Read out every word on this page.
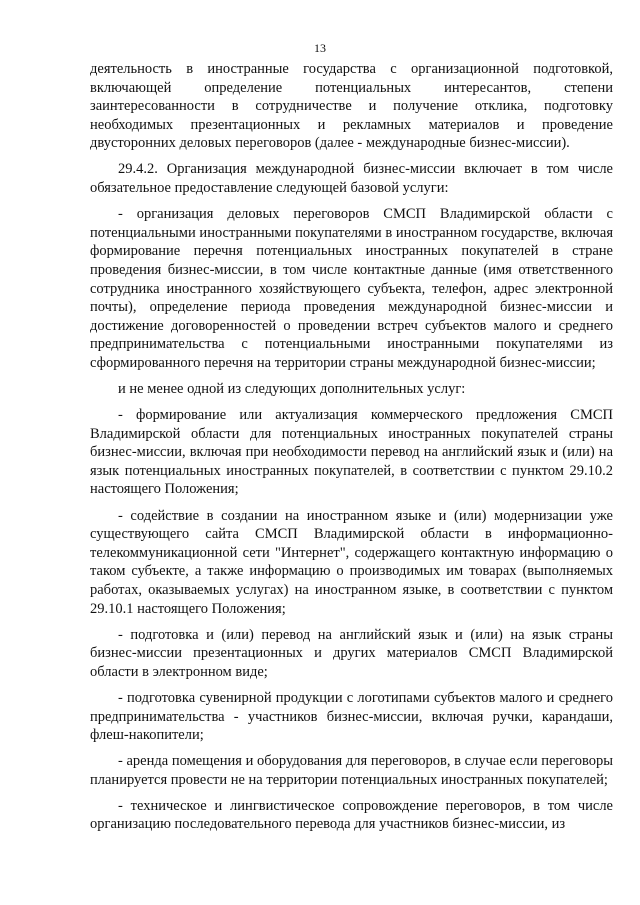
13

деятельность в иностранные государства с организационной подготовкой, включающей определение потенциальных интересантов, степени заинтересованности в сотрудничестве и получение отклика, подготовку необходимых презентационных и рекламных материалов и проведение двусторонних деловых переговоров (далее - международные бизнес-миссии).

29.4.2. Организация международной бизнес-миссии включает в том числе обязательное предоставление следующей базовой услуги:

- организация деловых переговоров СМСП Владимирской области с потенциальными иностранными покупателями в иностранном государстве, включая формирование перечня потенциальных иностранных покупателей в стране проведения бизнес-миссии, в том числе контактные данные (имя ответственного сотрудника иностранного хозяйствующего субъекта, телефон, адрес электронной почты), определение периода проведения международной бизнес-миссии и достижение договоренностей о проведении встреч субъектов малого и среднего предпринимательства с потенциальными иностранными покупателями из сформированного перечня на территории страны международной бизнес-миссии;

и не менее одной из следующих дополнительных услуг:

- формирование или актуализация коммерческого предложения СМСП Владимирской области для потенциальных иностранных покупателей страны бизнес-миссии, включая при необходимости перевод на английский язык и (или) на язык потенциальных иностранных покупателей, в соответствии с пунктом 29.10.2 настоящего Положения;

- содействие в создании на иностранном языке и (или) модернизации уже существующего сайта СМСП Владимирской области в информационно-телекоммуникационной сети "Интернет", содержащего контактную информацию о таком субъекте, а также информацию о производимых им товарах (выполняемых работах, оказываемых услугах) на иностранном языке, в соответствии с пунктом 29.10.1 настоящего Положения;

- подготовка и (или) перевод на английский язык и (или) на язык страны бизнес-миссии презентационных и других материалов СМСП Владимирской области в электронном виде;

- подготовка сувенирной продукции с логотипами субъектов малого и среднего предпринимательства - участников бизнес-миссии, включая ручки, карандаши, флеш-накопители;

- аренда помещения и оборудования для переговоров, в случае если переговоры планируется провести не на территории потенциальных иностранных покупателей;

- техническое и лингвистическое сопровождение переговоров, в том числе организацию последовательного перевода для участников бизнес-миссии, из
